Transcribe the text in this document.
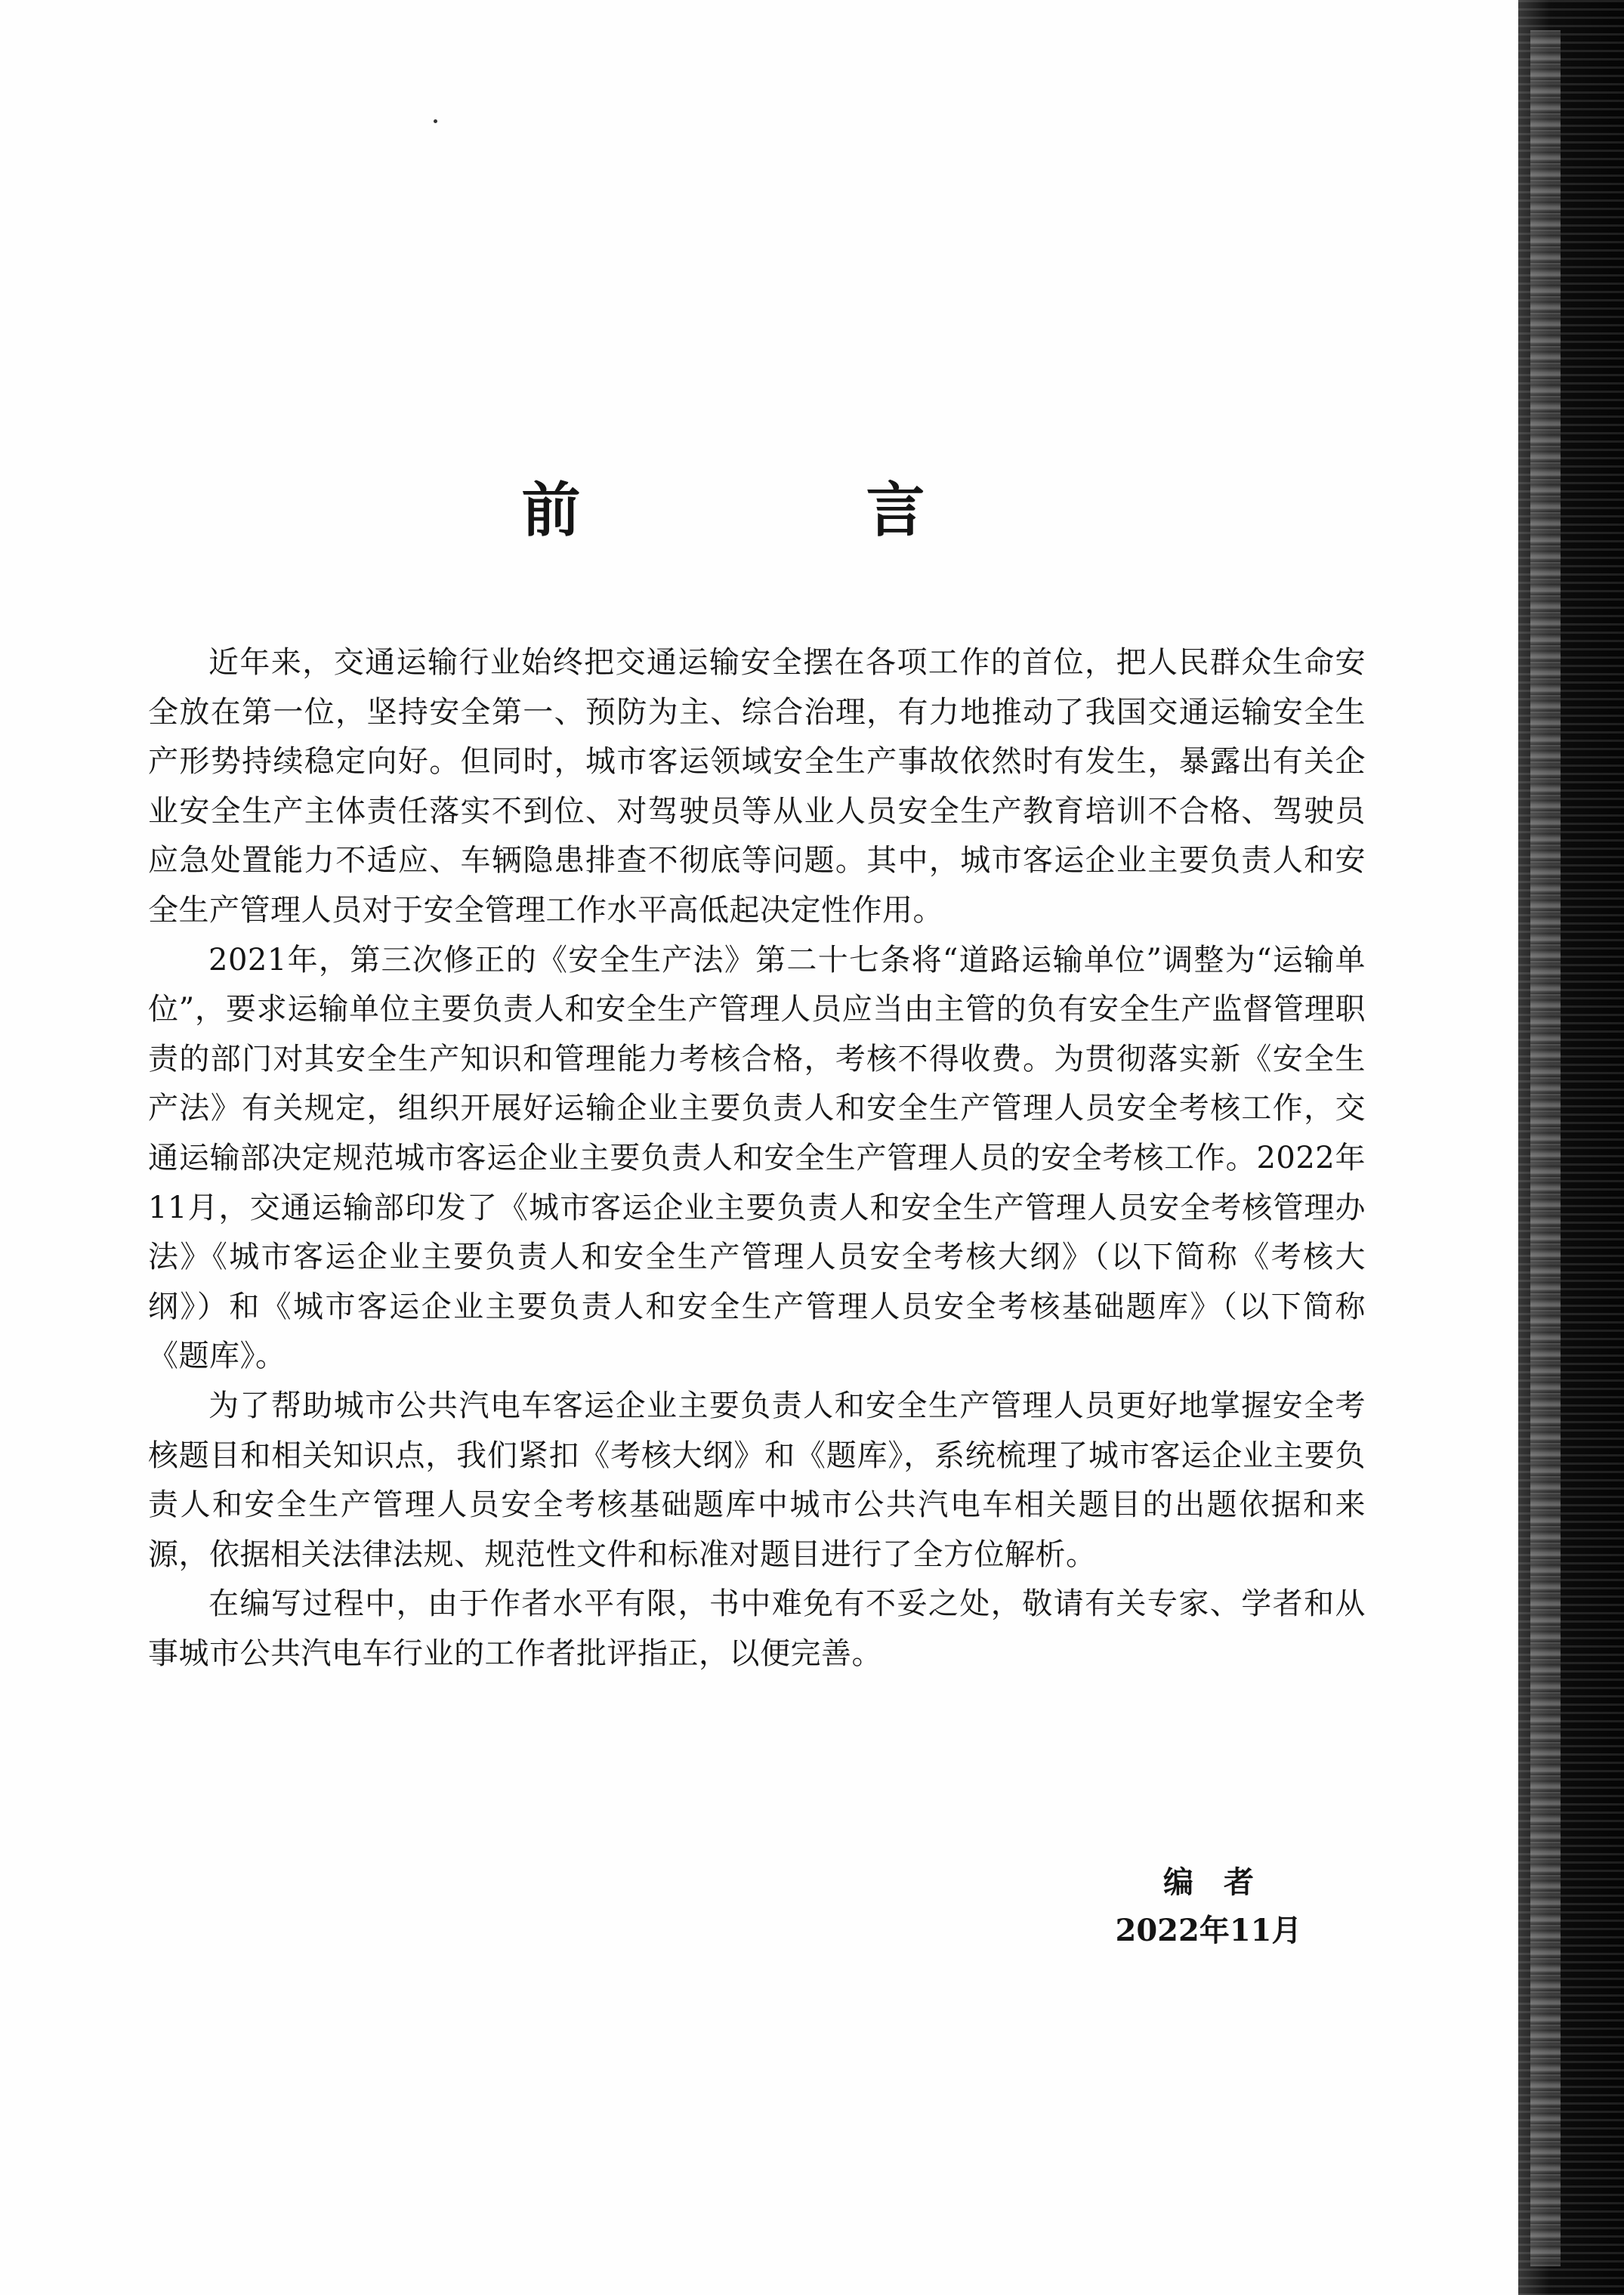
前　言

近年来，交通运输行业始终把交通运输安全摆在各项工作的首位，把人民群众生命安全放在第一位，坚持安全第一、预防为主、综合治理，有力地推动了我国交通运输安全生产形势持续稳定向好。但同时，城市客运领域安全生产事故依然时有发生，暴露出有关企业安全生产主体责任落实不到位、对驾驶员等从业人员安全生产教育培训不合格、驾驶员应急处置能力不适应、车辆隐患排查不彻底等问题。其中，城市客运企业主要负责人和安全生产管理人员对于安全管理工作水平高低起决定性作用。

2021年，第三次修正的《安全生产法》第二十七条将“道路运输单位”调整为“运输单位”，要求运输单位主要负责人和安全生产管理人员应当由主管的负有安全生产监督管理职责的部门对其安全生产知识和管理能力考核合格，考核不得收费。为贯彻落实新《安全生产法》有关规定，组织开展好运输企业主要负责人和安全生产管理人员安全考核工作，交通运输部决定规范城市客运企业主要负责人和安全生产管理人员的安全考核工作。2022年11月，交通运输部印发了《城市客运企业主要负责人和安全生产管理人员安全考核管理办法》《城市客运企业主要负责人和安全生产管理人员安全考核大纲》（以下简称《考核大纲》）和《城市客运企业主要负责人和安全生产管理人员安全考核基础题库》（以下简称《题库》。

为了帮助城市公共汽电车客运企业主要负责人和安全生产管理人员更好地掌握安全考核题目和相关知识点，我们紧扣《考核大纲》和《题库》，系统梳理了城市客运企业主要负责人和安全生产管理人员安全考核基础题库中城市公共汽电车相关题目的出题依据和来源，依据相关法律法规、规范性文件和标准对题目进行了全方位解析。

在编写过程中，由于作者水平有限，书中难免有不妥之处，敬请有关专家、学者和从事城市公共汽电车行业的工作者批评指正，以便完善。

编者
2022年11月
